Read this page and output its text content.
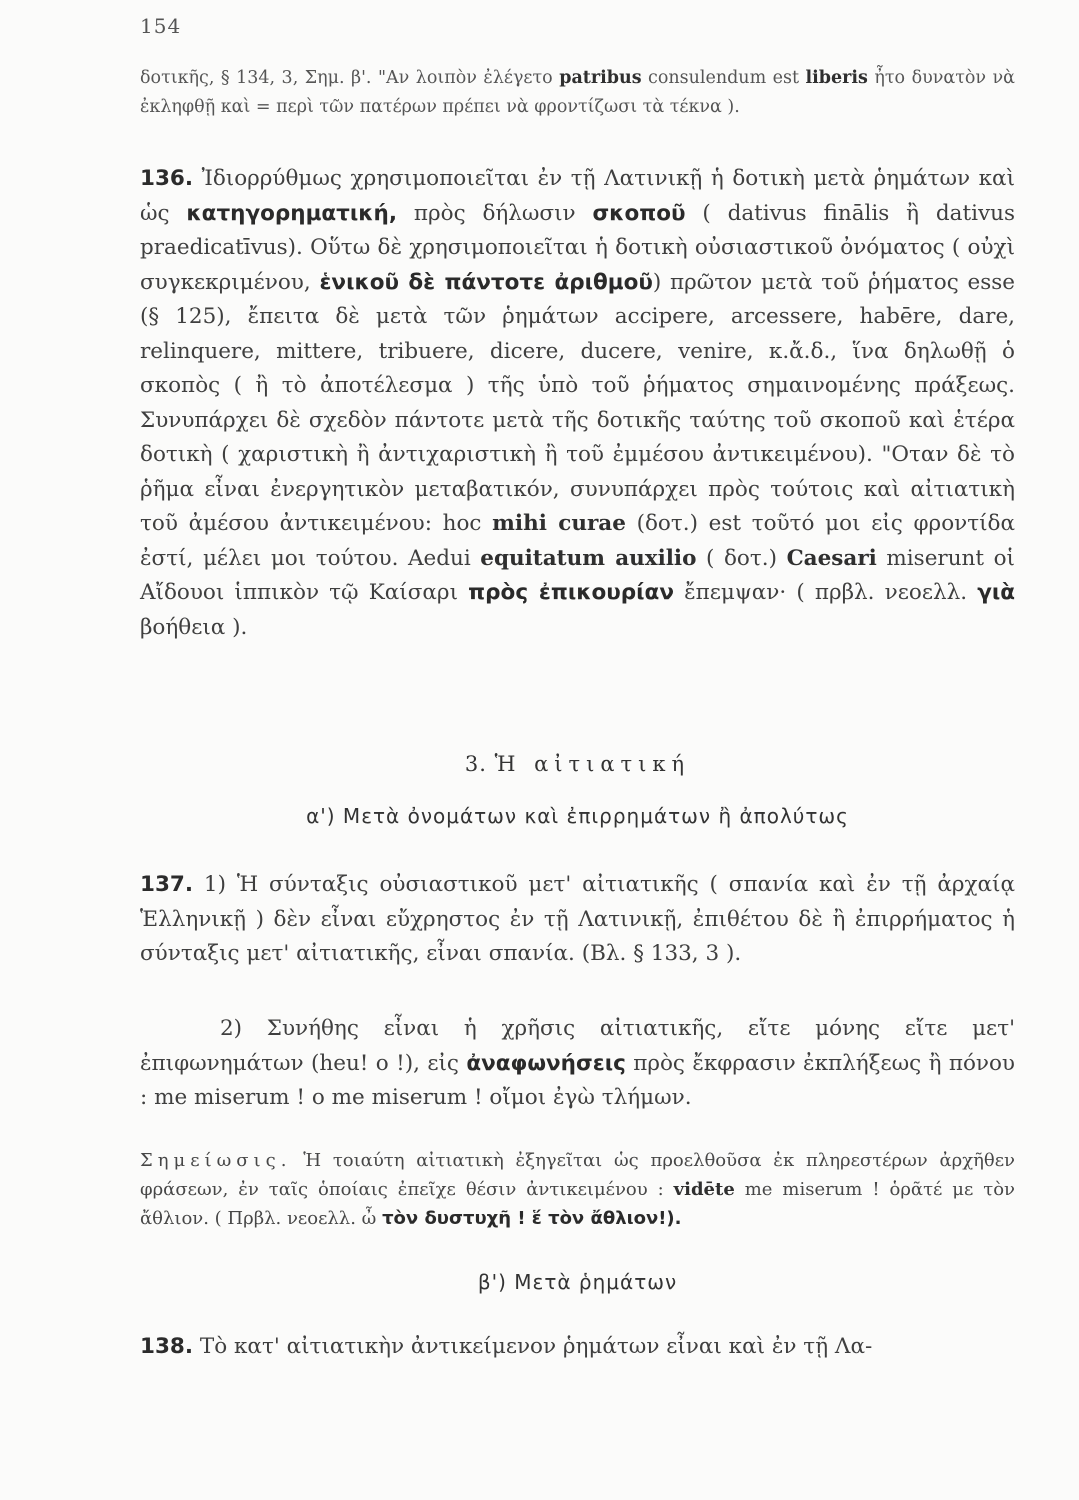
154
δοτικῆς, § 134, 3, Σημ. β'. "Αν λοιπὸν ἐλέγετο patribus consulendum est liberis ἦτο δυνατὸν νὰ ἐκληφθῇ καὶ = περὶ τῶν πατέρων πρέπει νὰ φροντίζωσι τὰ τέκνα ).
136. Ἰδιορρύθμως χρησιμοποιεῖται ἐν τῇ Λατινικῇ ἡ δοτικὴ μετὰ ῥημάτων καὶ ὡς κατηγορηματική, πρὸς δήλωσιν σκοποῦ ( dativus finālis ἢ dativus praedicatīvus). Οὕτω δὲ χρησιμοποιεῖται ἡ δοτικὴ οὐσιαστικοῦ ὀνόματος ( οὐχὶ συγκεκριμένου, ἑνικοῦ δὲ πάντοτε ἀριθμοῦ) πρῶτον μετὰ τοῦ ῥήματος esse (§ 125), ἔπειτα δὲ μετὰ τῶν ῥημάτων accipere, arcessere, habēre, dare, relinquere, mittere, tribuere, dicere, ducere, venire, κ.ἄ.δ., ἵνα δηλωθῇ ὁ σκοπὸς ( ἢ τὸ ἀποτέλεσμα ) τῆς ὑπὸ τοῦ ῥήματος σημαινομένης πράξεως. Συνυπάρχει δὲ σχεδὸν πάντοτε μετὰ τῆς δοτικῆς ταύτης τοῦ σκοποῦ καὶ ἑτέρα δοτικὴ ( χαριστικὴ ἢ ἀντιχαριστικὴ ἢ τοῦ ἐμμέσου ἀντικειμένου). "Οταν δὲ τὸ ῥῆμα εἶναι ἐνεργητικὸν μεταβατικόν, συνυπάρχει πρὸς τούτοις καὶ αἰτιατικὴ τοῦ ἀμέσου ἀντικειμένου: hoc mihi curae (δοτ.) est τοῦτό μοι εἰς φροντίδα ἐστί, μέλει μοι τούτου. Aedui equitatum auxilio ( δοτ.) Caesari miserunt οἱ Αἴδουοι ἱππικὸν τῷ Καίσαρι πρὸς ἐπικουρίαν ἔπεμψαν· ( πρβλ. νεοελλ. γιὰ βοήθεια ).
3. Ἡ αἰτιατική
α') Μετὰ ὀνομάτων καὶ ἐπιρρημάτων ἢ ἀπολύτως
137. 1) Ἡ σύνταξις οὐσιαστικοῦ μετ' αἰτιατικῆς ( σπανία καὶ ἐν τῇ ἀρχαίᾳ Ἑλληνικῇ ) δὲν εἶναι εὔχρηστος ἐν τῇ Λατινικῇ, ἐπιθέτου δὲ ἢ ἐπιρρήματος ἡ σύνταξις μετ' αἰτιατικῆς, εἶναι σπανία. (Βλ. § 133, 3 ).
2) Συνήθης εἶναι ἡ χρῆσις αἰτιατικῆς, εἴτε μόνης εἴτε μετ' ἐπιφωνημάτων (heu! o !), εἰς ἀναφωνήσεις πρὸς ἔκφρασιν ἐκπλήξεως ἢ πόνου : me miserum ! o me miserum ! οἴμοι ἐγὼ τλήμων.
Σημείωσις. Ἡ τοιαύτη αἰτιατικὴ ἐξηγεῖται ὡς προελθοῦσα ἐκ πληρεστέρων ἀρχῆθεν φράσεων, ἐν ταῖς ὁποίαις ἐπεῖχε θέσιν ἀντικειμένου : vidēte me miserum ! ὁρᾶτέ με τὸν ἄθλιον. ( Πρβλ. νεοελλ. ὦ τὸν δυστυχῆ ! ἕ τὸν ἄθλιον!).
β') Μετὰ ῥημάτων
138. Τὸ κατ' αἰτιατικὴν ἀντικείμενον ῥημάτων εἶναι καὶ ἐν τῇ Λα-
